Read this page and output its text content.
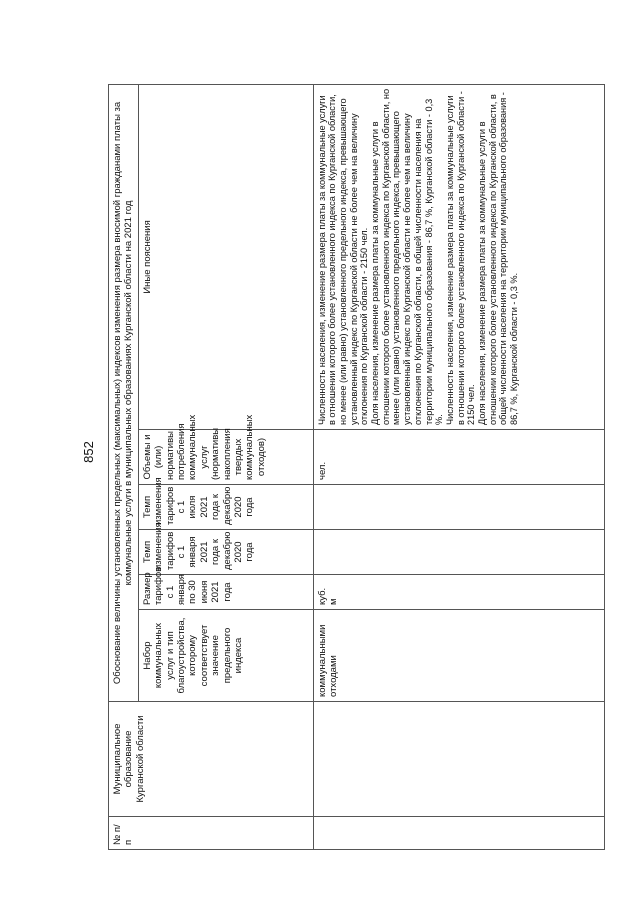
852
№ п/п	Муниципальное образование Курганской области	Обоснование величины установленных предельных (максимальных) индексов изменения размера вносимой гражданами платы за коммунальные услуги в муниципальных образованиях Курганской области на 2021 год					
		Набор коммунальных услуг и тип благоустройства, которому соответствует значение предельного индекса	Размер тарифов с 1 января по 30 июня 2021 года	Темп изменения тарифов с 1 января 2021 года к декабрю 2020 года	Темп изменения тарифов с 1 июля 2021 года к декабрю 2020 года	Объемы и (или) нормативы потребления коммунальных услуг (нормативы накопления твердых коммунальных отходов)	Иные пояснения
		коммунальными отходами	куб. м			чел.	Численность населения, изменение размера платы за коммунальные услуги в отношении которого более установленного индекса по Курганской области, но менее (или равно) установленного предельного индекса, превышающего установленный индекс по Курганской области не более чем на величину отклонения по Курганской области - 2150 чел. Доля населения, изменение размера платы за коммунальные услуги в отношении которого более установленного индекса по Курганской области, но менее (или равно) установленного предельного индекса, превышающего установленный индекс по Курганской области не более чем на величину отклонения по Курганской области, в общей численности населения на территории муниципального образования - 86,7 %, Курганской области - 0,3 %. Численность населения, изменение размера платы за коммунальные услуги в отношении которого более установленного индекса по Курганской области - 2150 чел. Доля населения, изменение размера платы за коммунальные услуги в отношении которого более установленного индекса по Курганской области, в общей численности населения на территории муниципального образования - 86,7 %, Курганской области - 0,3 %.
